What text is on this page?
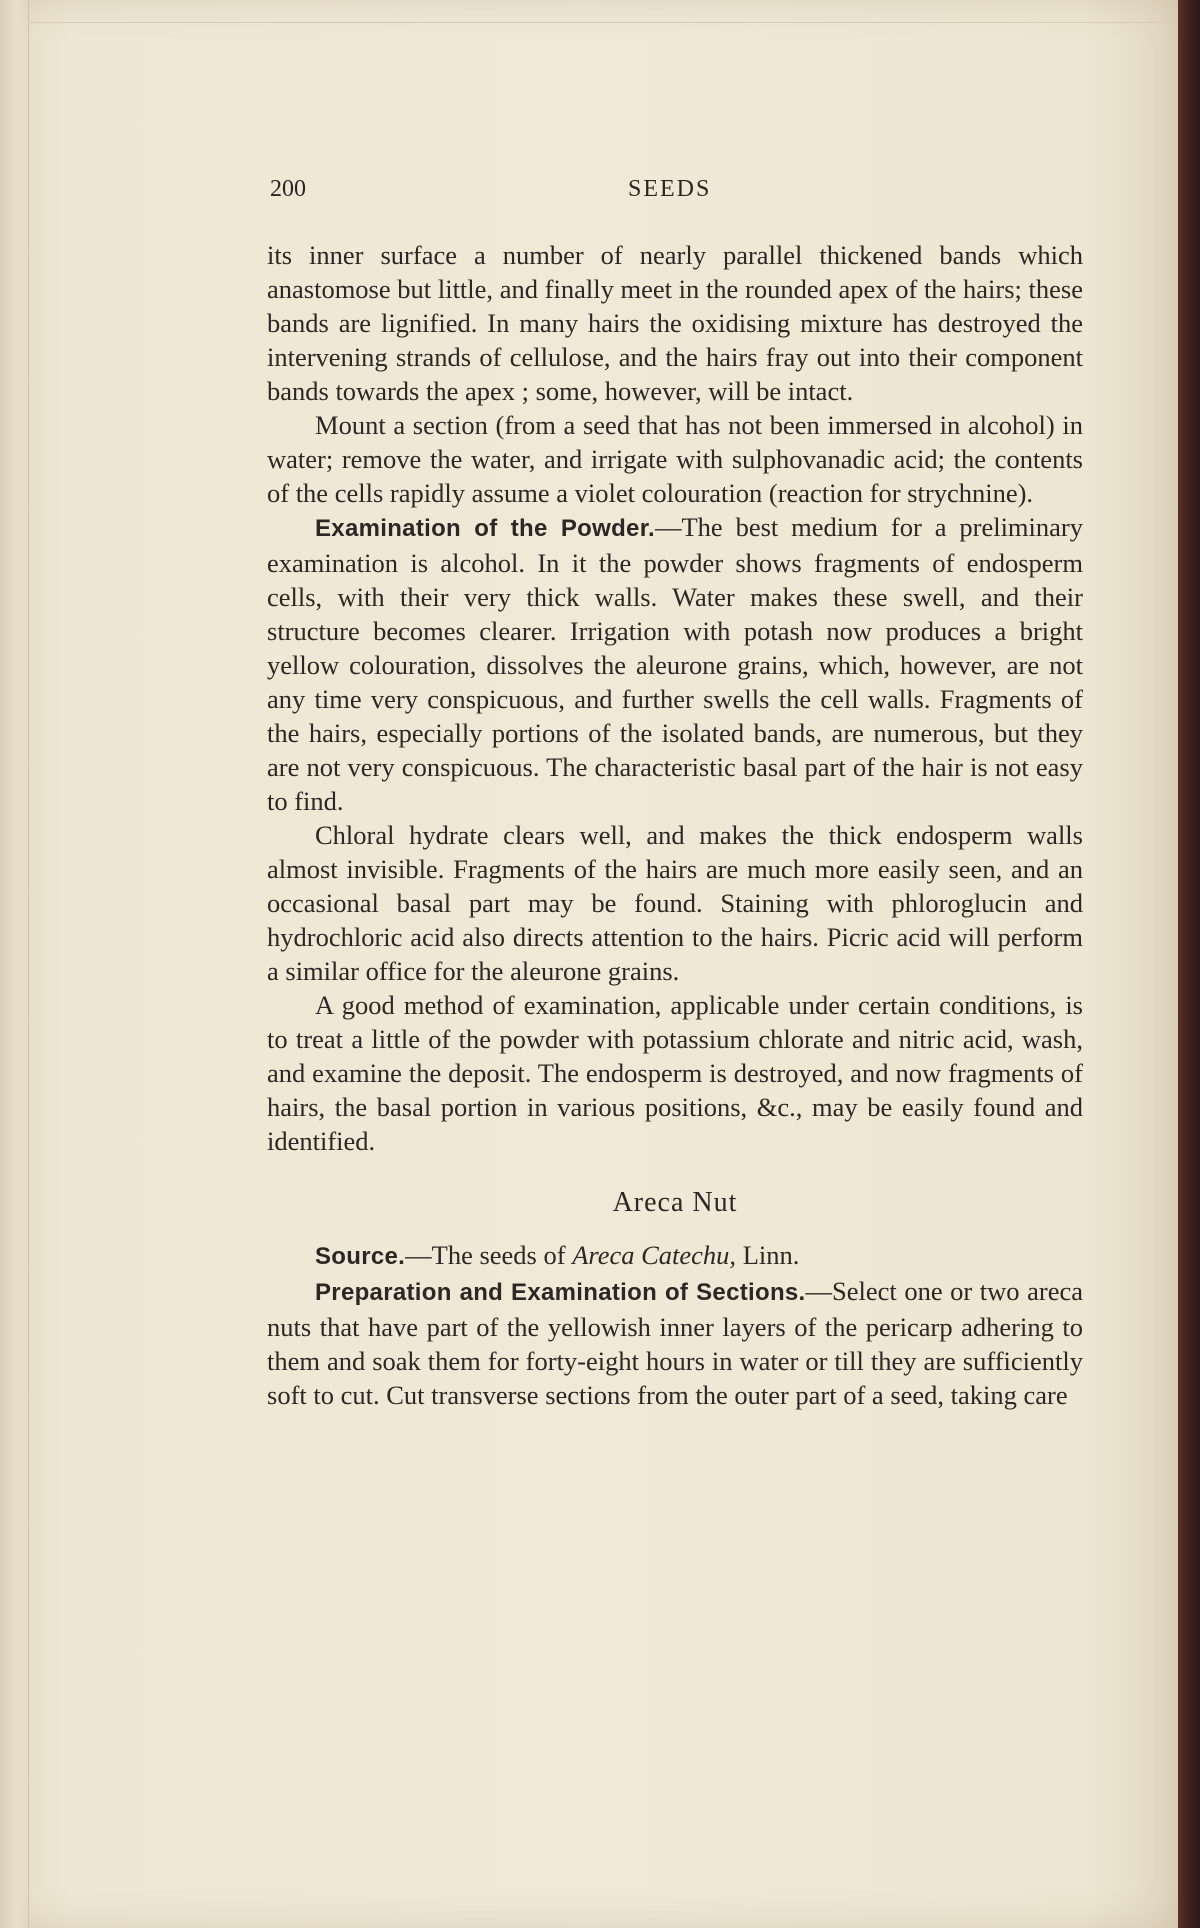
200	SEEDS

its inner surface a number of nearly parallel thickened bands which anastomose but little, and finally meet in the rounded apex of the hairs; these bands are lignified. In many hairs the oxidising mixture has destroyed the intervening strands of cellulose, and the hairs fray out into their component bands towards the apex ; some, however, will be intact.

Mount a section (from a seed that has not been immersed in alcohol) in water; remove the water, and irrigate with sulphovanadic acid; the contents of the cells rapidly assume a violet colouration (reaction for strychnine).

Examination of the Powder.—The best medium for a preliminary examination is alcohol. In it the powder shows fragments of endosperm cells, with their very thick walls. Water makes these swell, and their structure becomes clearer. Irrigation with potash now produces a bright yellow colouration, dissolves the aleurone grains, which, however, are not any time very conspicuous, and further swells the cell walls. Fragments of the hairs, especially portions of the isolated bands, are numerous, but they are not very conspicuous. The characteristic basal part of the hair is not easy to find.

Chloral hydrate clears well, and makes the thick endosperm walls almost invisible. Fragments of the hairs are much more easily seen, and an occasional basal part may be found. Staining with phloroglucin and hydrochloric acid also directs attention to the hairs. Picric acid will perform a similar office for the aleurone grains.

A good method of examination, applicable under certain conditions, is to treat a little of the powder with potassium chlorate and nitric acid, wash, and examine the deposit. The endosperm is destroyed, and now fragments of hairs, the basal portion in various positions, &c., may be easily found and identified.

Areca Nut

Source.—The seeds of Areca Catechu, Linn.

Preparation and Examination of Sections.—Select one or two areca nuts that have part of the yellowish inner layers of the pericarp adhering to them and soak them for forty-eight hours in water or till they are sufficiently soft to cut. Cut transverse sections from the outer part of a seed, taking care
